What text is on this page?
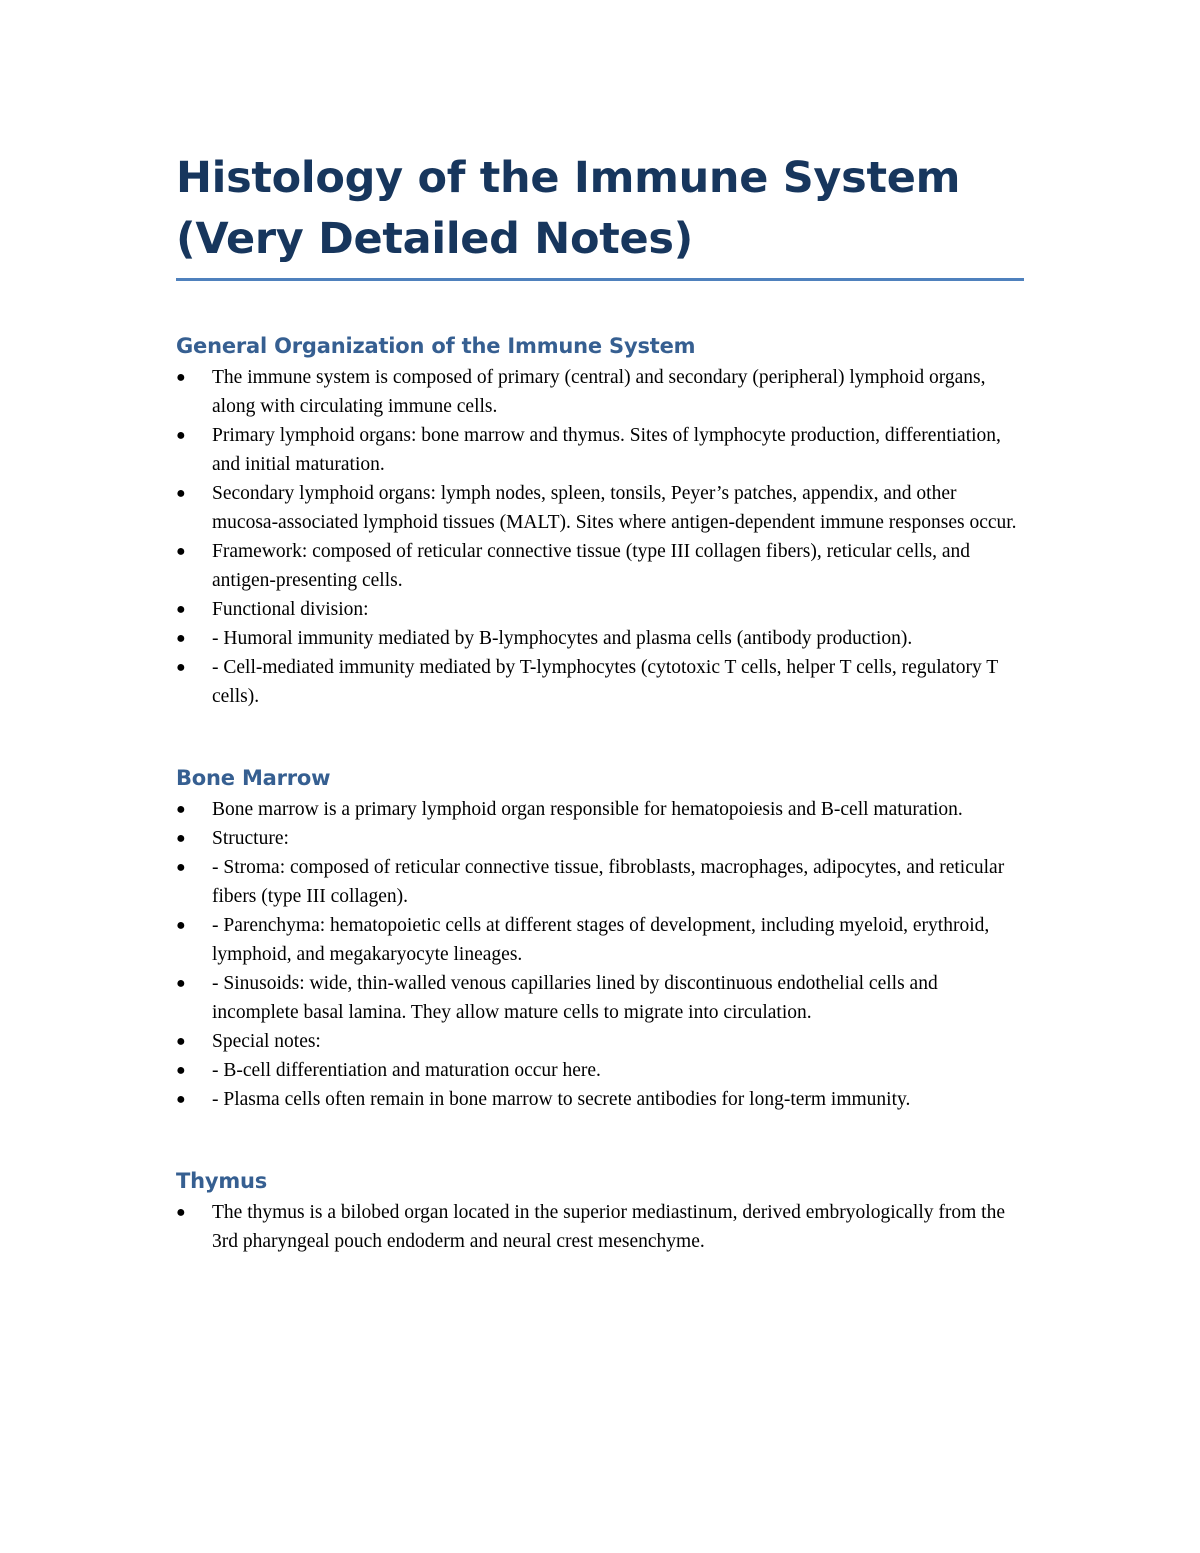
Histology of the Immune System (Very Detailed Notes)
General Organization of the Immune System
● The immune system is composed of primary (central) and secondary (peripheral) lymphoid organs, along with circulating immune cells.
● Primary lymphoid organs: bone marrow and thymus. Sites of lymphocyte production, differentiation, and initial maturation.
● Secondary lymphoid organs: lymph nodes, spleen, tonsils, Peyer’s patches, appendix, and other mucosa-associated lymphoid tissues (MALT). Sites where antigen-dependent immune responses occur.
● Framework: composed of reticular connective tissue (type III collagen fibers), reticular cells, and antigen-presenting cells.
● Functional division:
● - Humoral immunity mediated by B-lymphocytes and plasma cells (antibody production).
● - Cell-mediated immunity mediated by T-lymphocytes (cytotoxic T cells, helper T cells, regulatory T cells).
Bone Marrow
● Bone marrow is a primary lymphoid organ responsible for hematopoiesis and B-cell maturation.
● Structure:
● - Stroma: composed of reticular connective tissue, fibroblasts, macrophages, adipocytes, and reticular fibers (type III collagen).
● - Parenchyma: hematopoietic cells at different stages of development, including myeloid, erythroid, lymphoid, and megakaryocyte lineages.
● - Sinusoids: wide, thin-walled venous capillaries lined by discontinuous endothelial cells and incomplete basal lamina. They allow mature cells to migrate into circulation.
● Special notes:
● - B-cell differentiation and maturation occur here.
● - Plasma cells often remain in bone marrow to secrete antibodies for long-term immunity.
Thymus
● The thymus is a bilobed organ located in the superior mediastinum, derived embryologically from the 3rd pharyngeal pouch endoderm and neural crest mesenchyme.
